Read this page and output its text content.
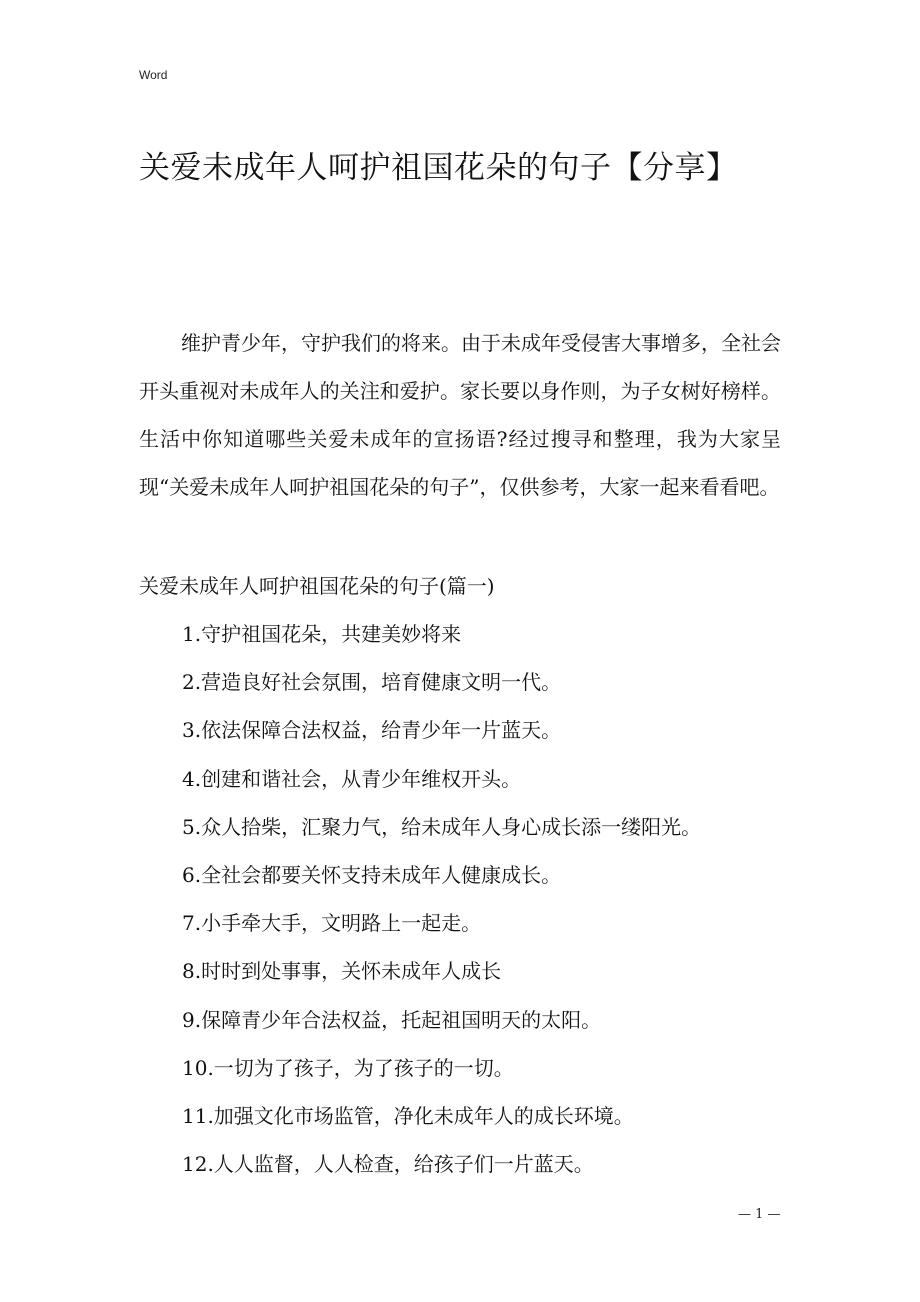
Word
关爱未成年人呵护祖国花朵的句子【分享】

维护青少年，守护我们的将来。由于未成年受侵害大事增多，全社会开头重视对未成年人的关注和爱护。家长要以身作则，为子女树好榜样。生活中你知道哪些关爱未成年的宣扬语?经过搜寻和整理，我为大家呈现“关爱未成年人呵护祖国花朵的句子”，仅供参考，大家一起来看看吧。

关爱未成年人呵护祖国花朵的句子(篇一)

1.守护祖国花朵，共建美妙将来
2.营造良好社会氛围，培育健康文明一代。
3.依法保障合法权益，给青少年一片蓝天。
4.创建和谐社会，从青少年维权开头。
5.众人拾柴，汇聚力气，给未成年人身心成长添一缕阳光。
6.全社会都要关怀支持未成年人健康成长。
7.小手牵大手，文明路上一起走。
8.时时到处事事，关怀未成年人成长
9.保障青少年合法权益，托起祖国明天的太阳。
10.一切为了孩子，为了孩子的一切。
11.加强文化市场监管，净化未成年人的成长环境。
12.人人监督，人人检查，给孩子们一片蓝天。
— 1 —
